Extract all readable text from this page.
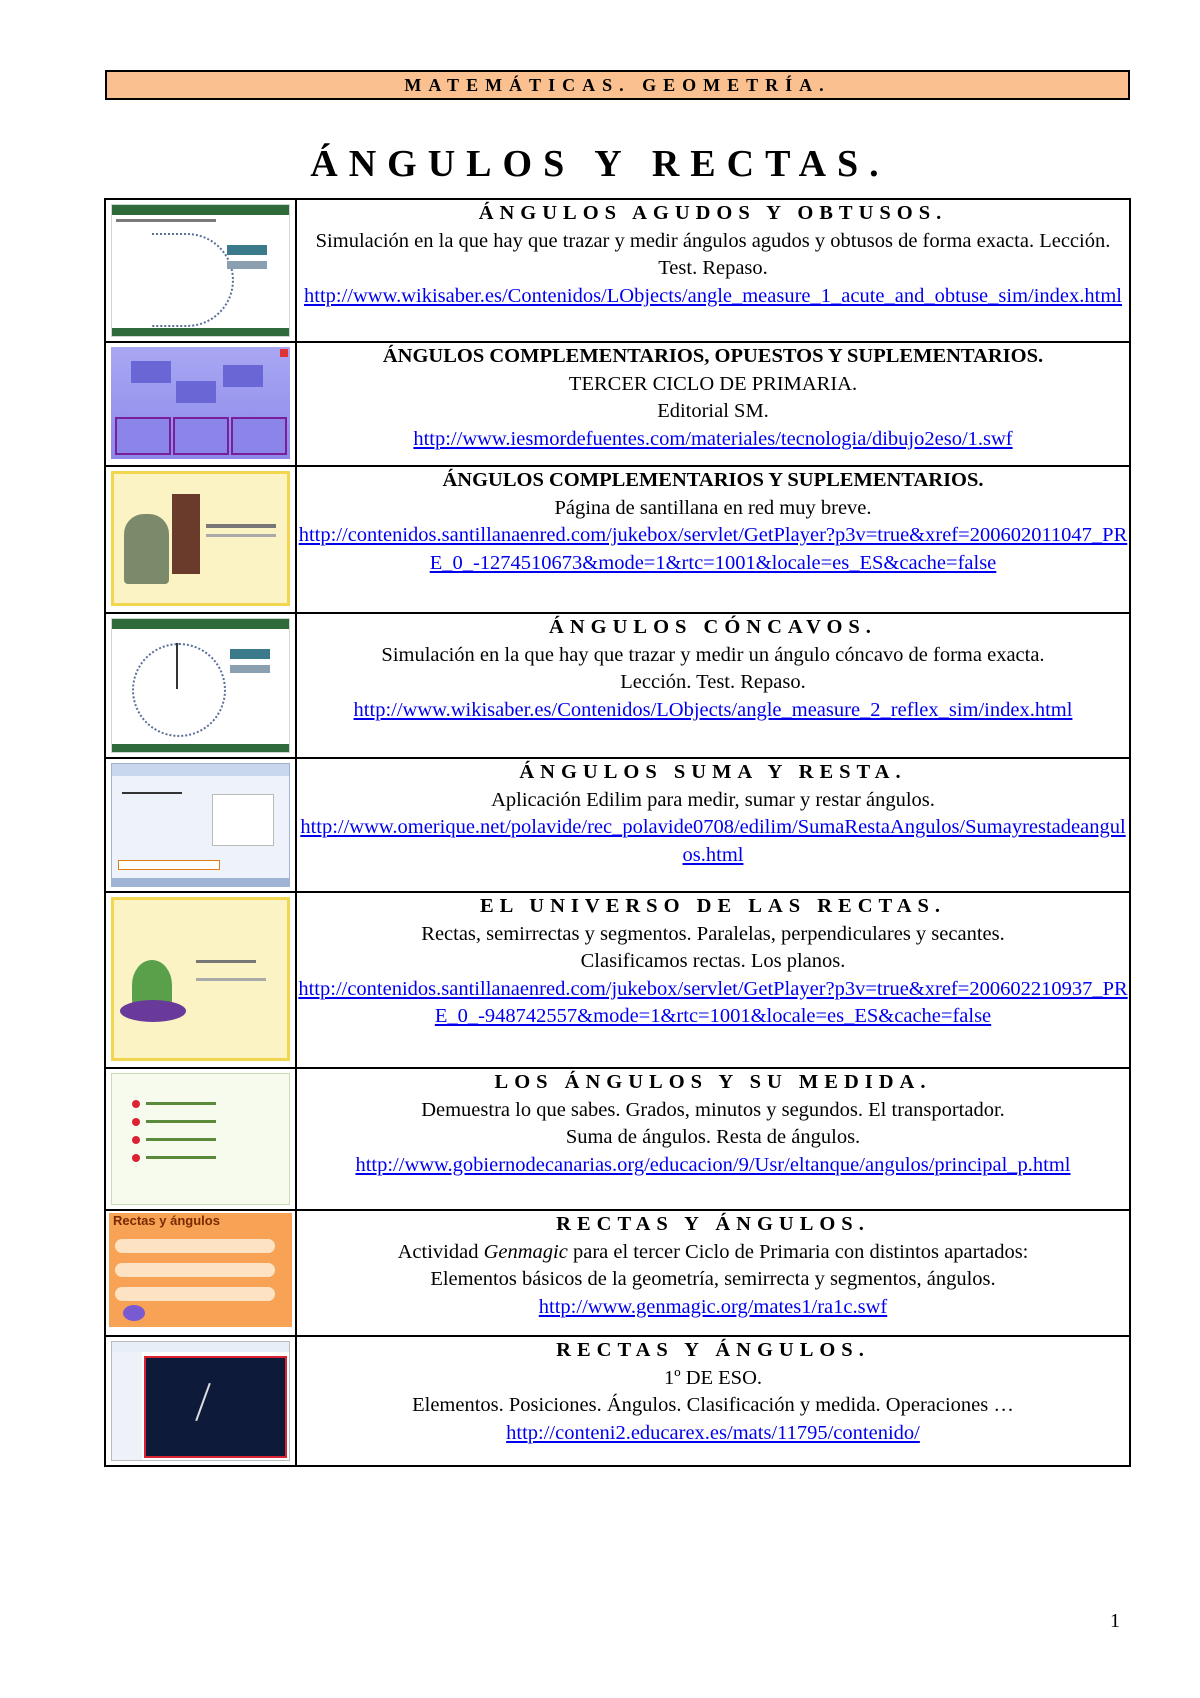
MATEMÁTICAS. GEOMETRÍA.
ÁNGULOS Y RECTAS.

	ÁNGULOS AGUDOS Y OBTUSOS.
Simulación en la que hay que trazar y medir ángulos agudos y obtusos de forma exacta. Lección. Test. Repaso.
http://www.wikisaber.es/Contenidos/LObjects/angle_measure_1_acute_and_obtuse_sim/index.html

	ÁNGULOS COMPLEMENTARIOS, OPUESTOS Y SUPLEMENTARIOS.
TERCER CICLO DE PRIMARIA.
Editorial SM.
http://www.iesmordefuentes.com/materiales/tecnologia/dibujo2eso/1.swf

	ÁNGULOS COMPLEMENTARIOS Y SUPLEMENTARIOS.
Página de santillana en red muy breve.
http://contenidos.santillanaenred.com/jukebox/servlet/GetPlayer?p3v=true&xref=200602011047_PRE_0_-1274510673&mode=1&rtc=1001&locale=es_ES&cache=false

	ÁNGULOS CÓNCAVOS.
Simulación en la que hay que trazar y medir un ángulo cóncavo de forma exacta.
Lección. Test. Repaso.
http://www.wikisaber.es/Contenidos/LObjects/angle_measure_2_reflex_sim/index.html

	ÁNGULOS SUMA Y RESTA.
Aplicación Edilim para medir, sumar y restar ángulos.
http://www.omerique.net/polavide/rec_polavide0708/edilim/SumaRestaAngulos/Sumayrestadeangulos.html

	EL UNIVERSO DE LAS RECTAS.
Rectas, semirrectas y segmentos. Paralelas, perpendiculares y secantes.
Clasificamos rectas. Los planos.
http://contenidos.santillanaenred.com/jukebox/servlet/GetPlayer?p3v=true&xref=200602210937_PRE_0_-948742557&mode=1&rtc=1001&locale=es_ES&cache=false

	LOS ÁNGULOS Y SU MEDIDA.
Demuestra lo que sabes. Grados, minutos y segundos. El transportador.
Suma de ángulos. Resta de ángulos.
http://www.gobiernodecanarias.org/educacion/9/Usr/eltanque/angulos/principal_p.html

Rectas y ángulos	RECTAS Y ÁNGULOS.
Actividad Genmagic para el tercer Ciclo de Primaria con distintos apartados:
Elementos básicos de la geometría, semirrecta y segmentos, ángulos.
http://www.genmagic.org/mates1/ra1c.swf

	RECTAS Y ÁNGULOS.
1º DE ESO.
Elementos. Posiciones. Ángulos. Clasificación y medida. Operaciones …
http://conteni2.educarex.es/mats/11795/contenido/
1
